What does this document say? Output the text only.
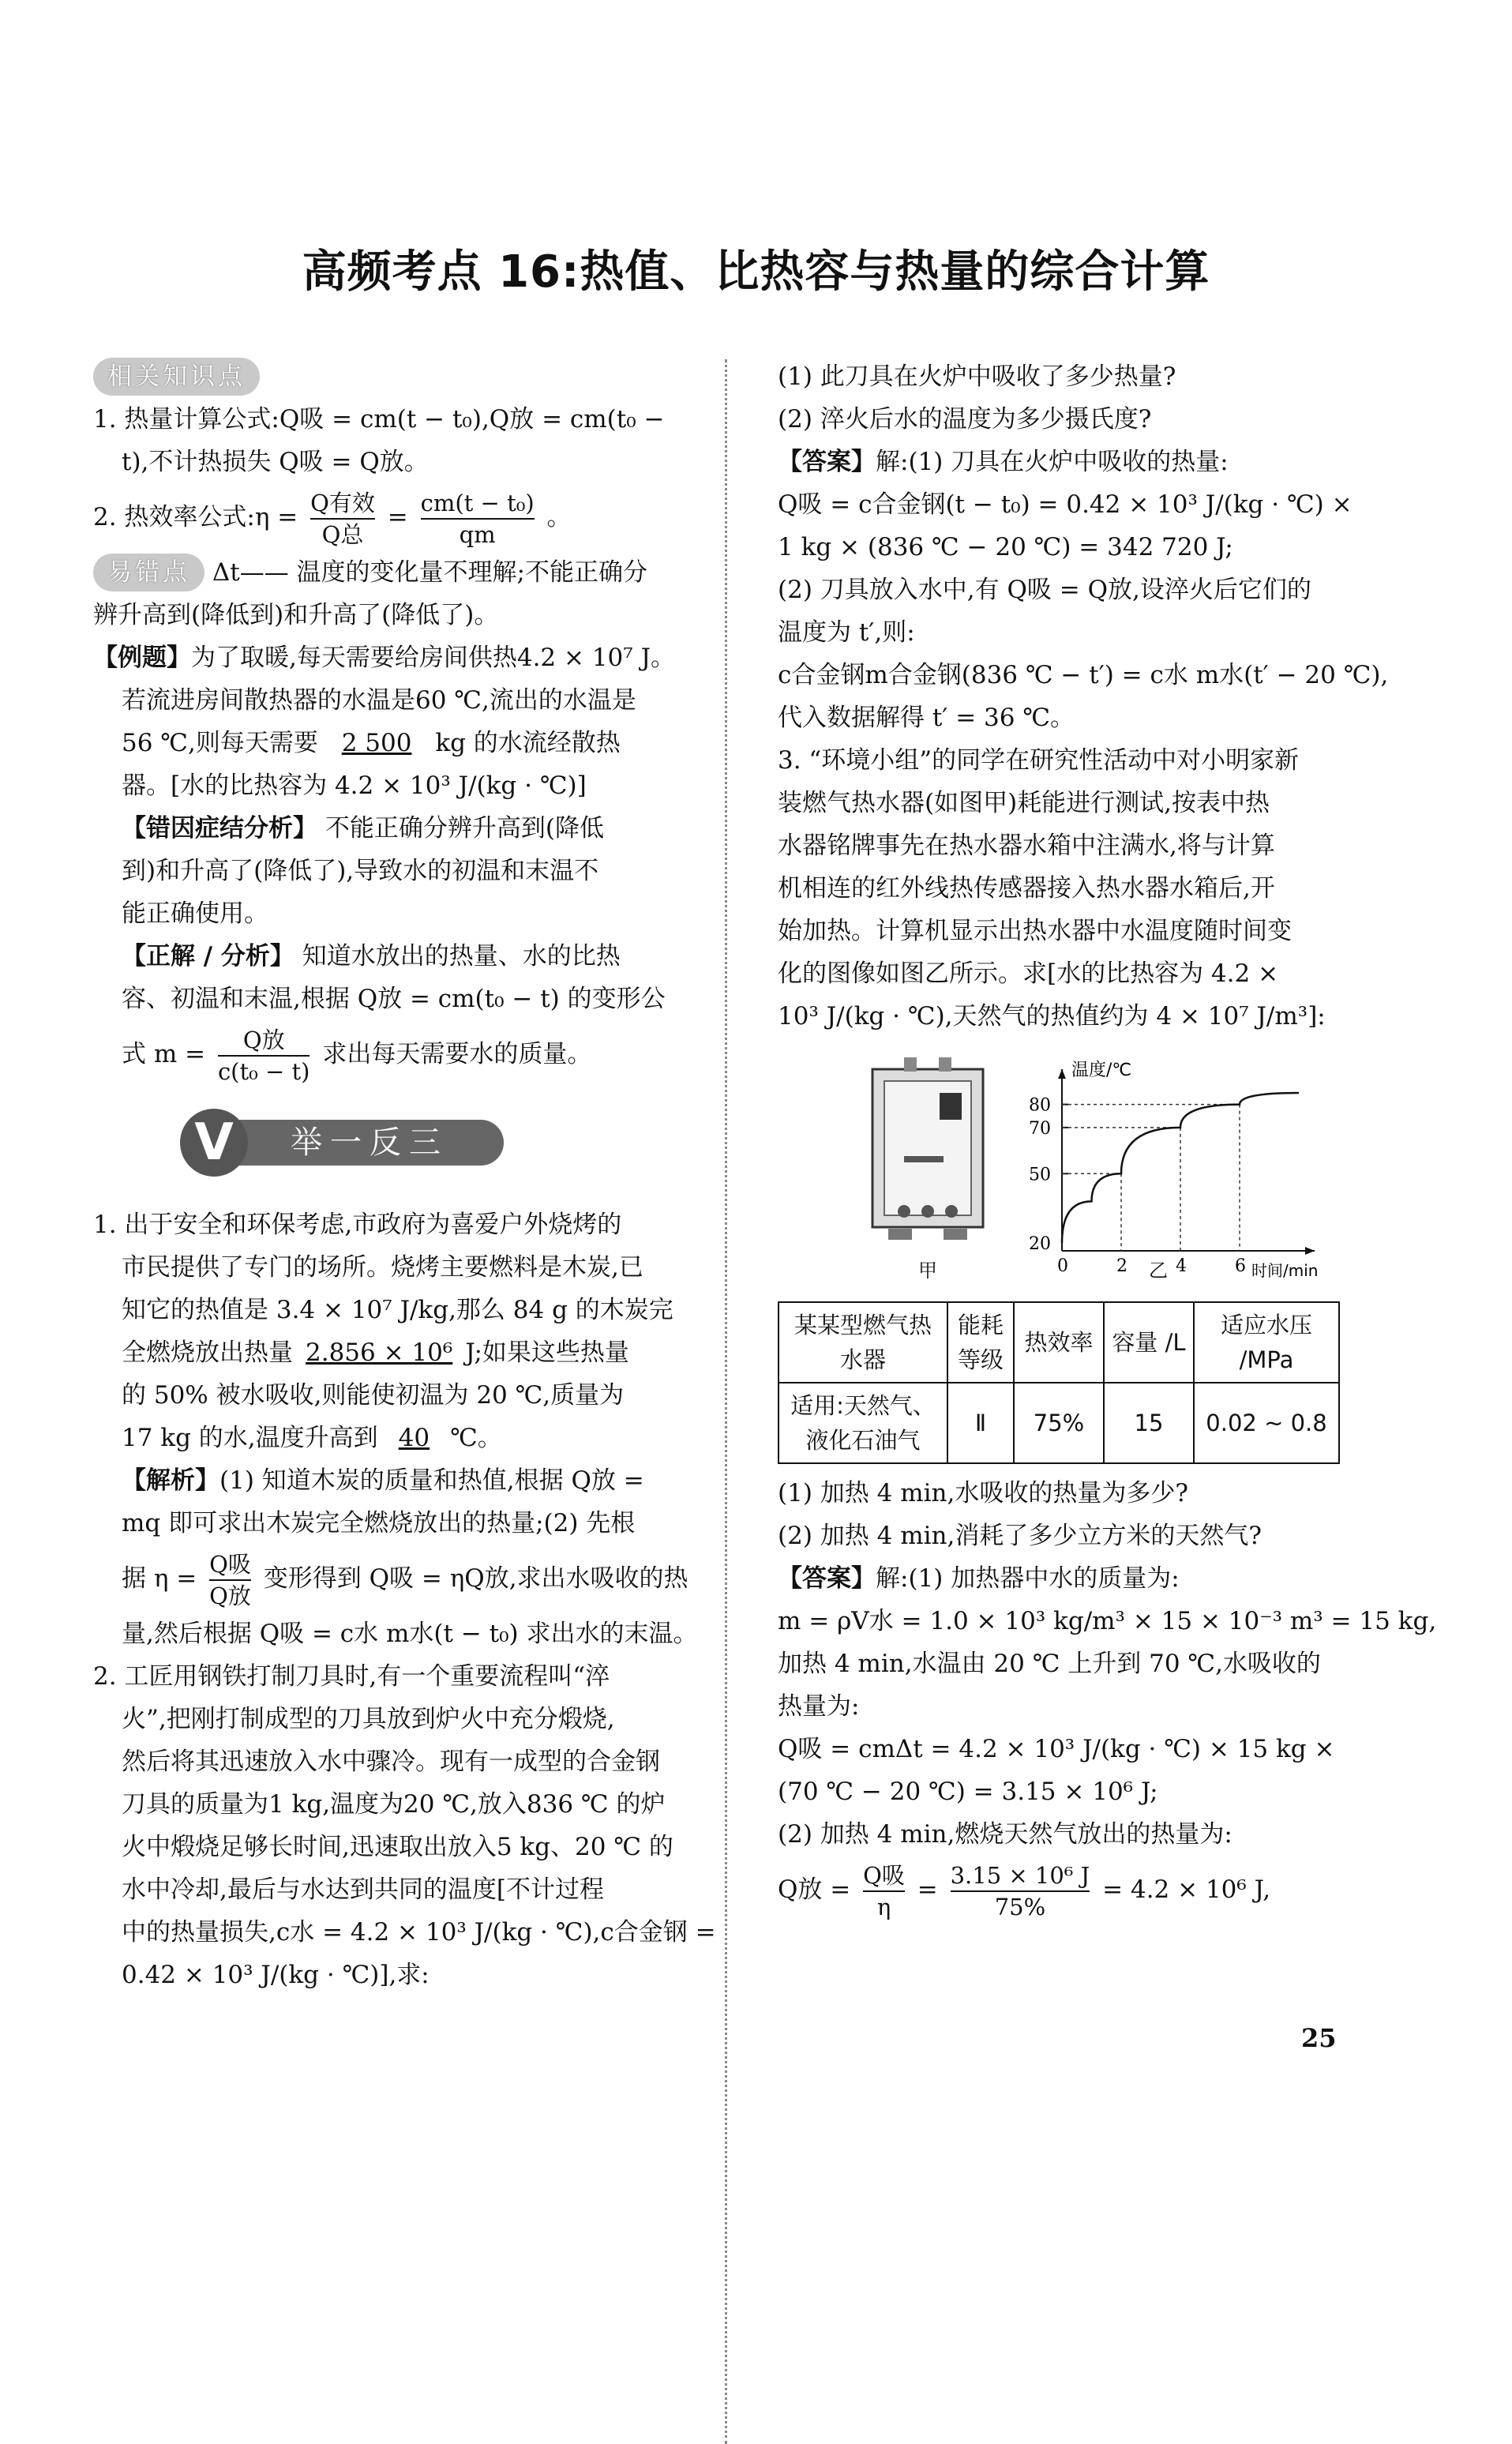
高频考点 16:热值、比热容与热量的综合计算
相关知识点
1. 热量计算公式:Q吸 = cm(t − t₀),Q放 = cm(t₀ −
t),不计热损失 Q吸 = Q放。
2. 热效率公式:η = $\frac{\text{Q有效}}{\text{Q总}} = \frac{\text{cm(t − t₀)}}{qm}$ 。
易错点 Δt—— 温度的变化量不理解;不能正确分
辨升高到(降低到)和升高了(降低了)。
【例题】为了取暖,每天需要给房间供热4.2 × 10⁷ J。
若流进房间散热器的水温是60 ℃,流出的水温是
56 ℃,则每天需要 2 500 kg 的水流经散热
器。[水的比热容为 4.2 × 10³ J/(kg · ℃)]
【错因症结分析】 不能正确分辨升高到(降低
到)和升高了(降低了),导致水的初温和末温不
能正确使用。
【正解 / 分析】 知道水放出的热量、水的比热
容、初温和末温,根据 Q放 = cm(t₀ − t) 的变形公
式 $m = \frac{\text{Q放}}{\text{c(t₀ − t)}}$ 求出每天需要水的质量。
举一反三
V
1. 出于安全和环保考虑,市政府为喜爱户外烧烤的
市民提供了专门的场所。烧烤主要燃料是木炭,已
知它的热值是 3.4 × 10⁷ J/kg,那么 84 g 的木炭完
全燃烧放出热量 2.856 × 10⁶ J;如果这些热量
的 50% 被水吸收,则能使初温为 20 ℃,质量为
17 kg 的水,温度升高到 40 ℃。
【解析】(1) 知道木炭的质量和热值,根据 Q放 =
mq 即可求出木炭完全燃烧放出的热量;(2) 先根
据 $\eta = \frac{\text{Q吸}}{\text{Q放}}$ 变形得到 Q吸 = ηQ放,求出水吸收的热
量,然后根据 Q吸 = c水 m水(t − t₀) 求出水的末温。
2. 工匠用钢铁打制刀具时,有一个重要流程叫“淬
火”,把刚打制成型的刀具放到炉火中充分煅烧,
然后将其迅速放入水中骤冷。现有一成型的合金钢
刀具的质量为1 kg,温度为20 ℃,放入836 ℃ 的炉
火中煅烧足够长时间,迅速取出放入5 kg、20 ℃ 的
水中冷却,最后与水达到共同的温度[不计过程
中的热量损失,c水 = 4.2 × 10³ J/(kg · ℃),c合金钢 =
0.42 × 10³ J/(kg · ℃)],求:
(1) 此刀具在火炉中吸收了多少热量?
(2) 淬火后水的温度为多少摄氏度?
【答案】解:(1) 刀具在火炉中吸收的热量:
Q吸 = c合金钢(t − t₀) = 0.42 × 10³ J/(kg · ℃) ×
1 kg × (836 ℃ − 20 ℃) = 342 720 J;
(2) 刀具放入水中,有 Q吸 = Q放,设淬火后它们的
温度为 t′,则:
c合金钢m合金钢(836 ℃ − t′) = c水 m水(t′ − 20 ℃),
代入数据解得 t′ = 36 ℃。
3. “环境小组”的同学在研究性活动中对小明家新
装燃气热水器(如图甲)耗能进行测试,按表中热
水器铭牌事先在热水器水箱中注满水,将与计算
机相连的红外线热传感器接入热水器水箱后,开
始加热。计算机显示出热水器中水温度随时间变
化的图像如图乙所示。求[水的比热容为 4.2 ×
10³ J/(kg · ℃),天然气的热值约为 4 × 10⁷ J/m³]:
甲
温度/℃
时间/min
0	2	4	6
20
50
70
80
乙
某某型燃气热水器	能耗等级	热效率	容量 /L	适应水压 /MPa
适用:天然气、液化石油气	Ⅱ	75%	15	0.02 ~ 0.8
(1) 加热 4 min,水吸收的热量为多少?
(2) 加热 4 min,消耗了多少立方米的天然气?
【答案】解:(1) 加热器中水的质量为:
m = ρV水 = 1.0 × 10³ kg/m³ × 15 × 10⁻³ m³ = 15 kg,
加热 4 min,水温由 20 ℃ 上升到 70 ℃,水吸收的
热量为:
Q吸 = cmΔt = 4.2 × 10³ J/(kg · ℃) × 15 kg ×
(70 ℃ − 20 ℃) = 3.15 × 10⁶ J;
(2) 加热 4 min,燃烧天然气放出的热量为:
Q放 = $\frac{\text{Q吸}}{\eta} = \frac{\text{3.15 × 10⁶ J}}{75\%} = 4.2 \times 10^6$ J,
25
